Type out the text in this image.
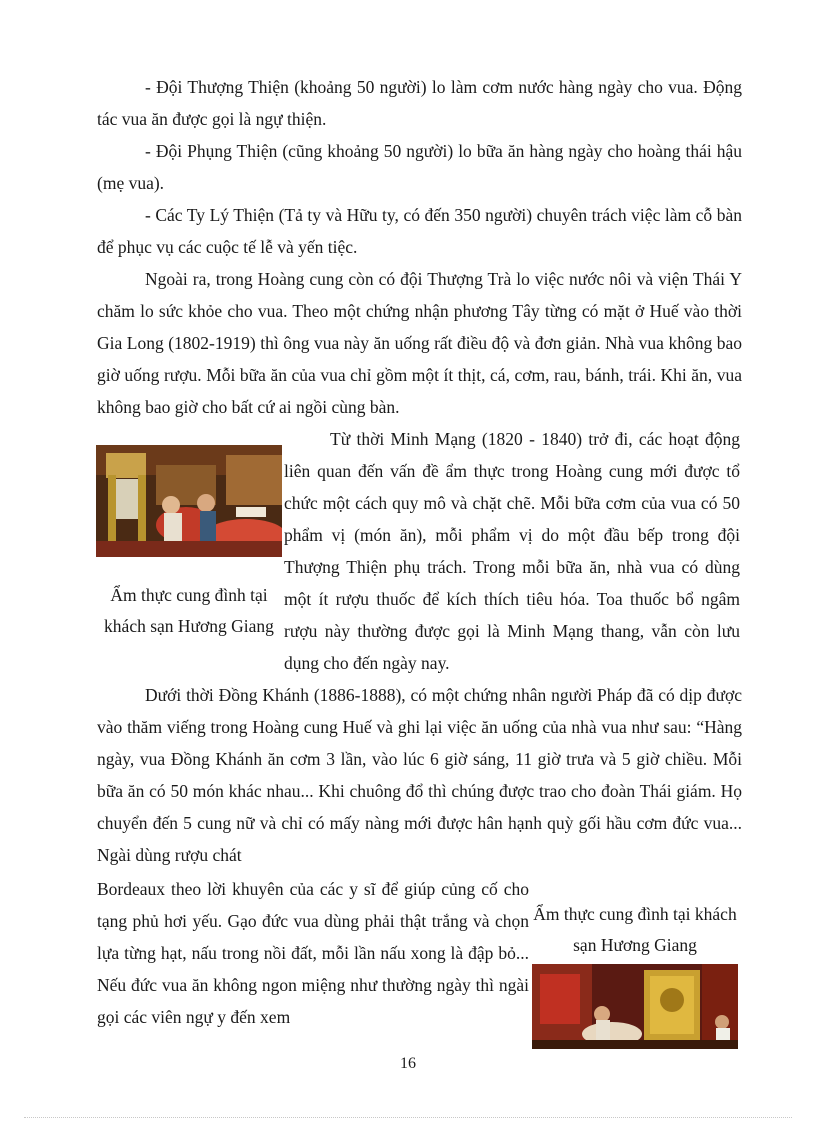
- Đội Thượng Thiện (khoảng 50 người) lo làm cơm nước hàng ngày cho vua. Động tác vua ăn được gọi là ngự thiện.

- Đội Phụng Thiện (cũng khoảng 50 người) lo bữa ăn hàng ngày cho hoàng thái hậu (mẹ vua).

- Các Ty Lý Thiện (Tả ty và Hữu ty, có đến 350 người) chuyên trách việc làm cỗ bàn để phục vụ các cuộc tế lễ và yến tiệc.

Ngoài ra, trong Hoàng cung còn có đội Thượng Trà lo việc nước nôi và viện Thái Y chăm lo sức khỏe cho vua. Theo một chứng nhận phương Tây từng có mặt ở Huế vào thời Gia Long (1802-1919) thì ông vua này ăn uống rất điều độ và đơn giản. Nhà vua không bao giờ uống rượu. Mỗi bữa ăn của vua chỉ gồm một ít thịt, cá, cơm, rau, bánh, trái. Khi ăn, vua không bao giờ cho bất cứ ai ngồi cùng bàn.

Ẩm thực cung đình tại khách sạn Hương Giang

Từ thời Minh Mạng (1820 - 1840) trở đi, các hoạt động liên quan đến vấn đề ẩm thực trong Hoàng cung mới được tổ chức một cách quy mô và chặt chẽ. Mỗi bữa cơm của vua có 50 phẩm vị (món ăn), mỗi phẩm vị do một đầu bếp trong đội Thượng Thiện phụ trách. Trong mỗi bữa ăn, nhà vua có dùng một ít rượu thuốc để kích thích tiêu hóa. Toa thuốc bổ ngâm rượu này thường được gọi là Minh Mạng thang, vẫn còn lưu dụng cho đến ngày nay.

Dưới thời Đồng Khánh (1886-1888), có một chứng nhân người Pháp đã có dịp được vào thăm viếng trong Hoàng cung Huế và ghi lại việc ăn uống của nhà vua như sau: “Hàng ngày, vua Đồng Khánh ăn cơm 3 lần, vào lúc 6 giờ sáng, 11 giờ trưa và 5 giờ chiều. Mỗi bữa ăn có 50 món khác nhau... Khi chuông đổ thì chúng được trao cho đoàn Thái giám. Họ chuyển đến 5 cung nữ và chỉ có mấy nàng mới được hân hạnh quỳ gối hầu cơm đức vua... Ngài dùng rượu chát

Bordeaux theo lời khuyên của các y sĩ để giúp củng cố cho tạng phủ hơi yếu. Gạo đức vua dùng phải thật trắng và chọn lựa từng hạt, nấu trong nồi đất, mỗi lần nấu xong là đập bỏ... Nếu đức vua ăn không ngon miệng như thường ngày thì ngài gọi các viên ngự y đến xem

Ẩm thực cung đình tại khách sạn Hương Giang

16
